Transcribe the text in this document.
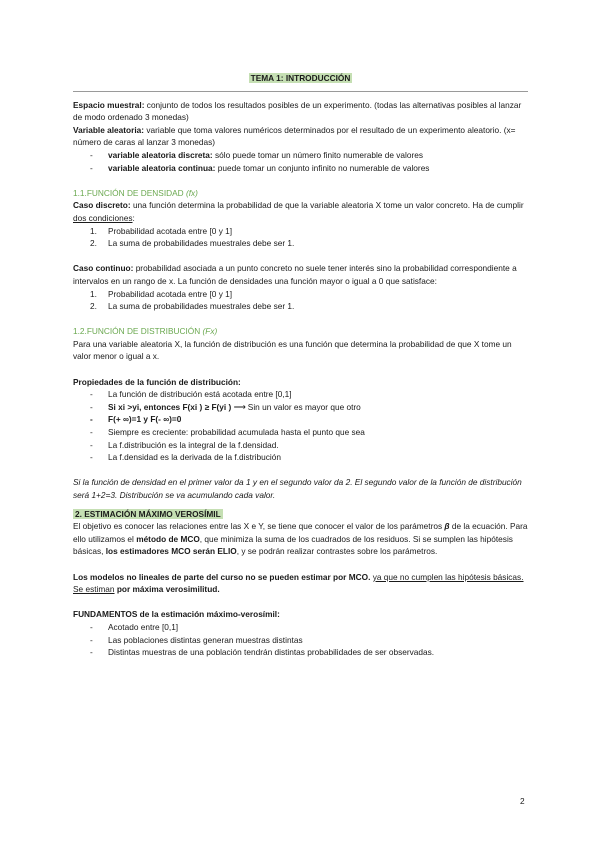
TEMA 1: INTRODUCCIÓN

Espacio muestral: conjunto de todos los resultados posibles de un experimento. (todas las alternativas posibles al lanzar de modo ordenado 3 monedas)

Variable aleatoria: variable que toma valores numéricos determinados por el resultado de un experimento aleatorio. (x= número de caras al lanzar 3 monedas)

- variable aleatoria discreta: sólo puede tomar un número finito numerable de valores
- variable aleatoria continua: puede tomar un conjunto infinito no numerable de valores

1.1.FUNCIÓN DE DENSIDAD (fx)

Caso discreto: una función determina la probabilidad de que la variable aleatoria X tome un valor concreto. Ha de cumplir dos condiciones:

1. Probabilidad acotada entre [0 y 1]
2. La suma de probabilidades muestrales debe ser 1.

Caso continuo: probabilidad asociada a un punto concreto no suele tener interés sino la probabilidad correspondiente a intervalos en un rango de x. La función de densidades una función mayor o igual a 0 que satisface:

1. Probabilidad acotada entre [0 y 1]
2. La suma de probabilidades muestrales debe ser 1.

1.2.FUNCIÓN DE DISTRIBUCIÓN (Fx)

Para una variable aleatoria X, la función de distribución es una función que determina la probabilidad de que X tome un valor menor o igual a x.

Propiedades de la función de distribución:

- La función de distribución está acotada entre [0,1]
- Si xi >yi, entonces F(xi ) ≥ F(yi ) ⟶ Sin un valor es mayor que otro
- F(+ ∞)=1 y F(- ∞)=0
- Siempre es creciente: probabilidad acumulada hasta el punto que sea
- La f.distribución es la integral de la f.densidad.
- La f.densidad es la derivada de la f.distribución

Si la función de densidad en el primer valor da 1 y en el segundo valor da 2. El segundo valor de la función de distribución será 1+2=3. Distribución se va acumulando cada valor.

2. ESTIMACIÓN MÁXIMO VEROSÍMIL

El objetivo es conocer las relaciones entre las X e Y, se tiene que conocer el valor de los parámetros β de la ecuación. Para ello utilizamos el método de MCO, que minimiza la suma de los cuadrados de los residuos. Si se sumplen las hipótesis básicas, los estimadores MCO serán ELIO, y se podrán realizar contrastes sobre los parámetros.

Los modelos no lineales de parte del curso no se pueden estimar por MCO. ya que no cumplen las hipótesis básicas. Se estiman por máxima verosimilitud.

FUNDAMENTOS de la estimación máximo-verosímil:

- Acotado entre [0,1]
- Las poblaciones distintas generan muestras distintas
- Distintas muestras de una población tendrán distintas probabilidades de ser observadas.
2
